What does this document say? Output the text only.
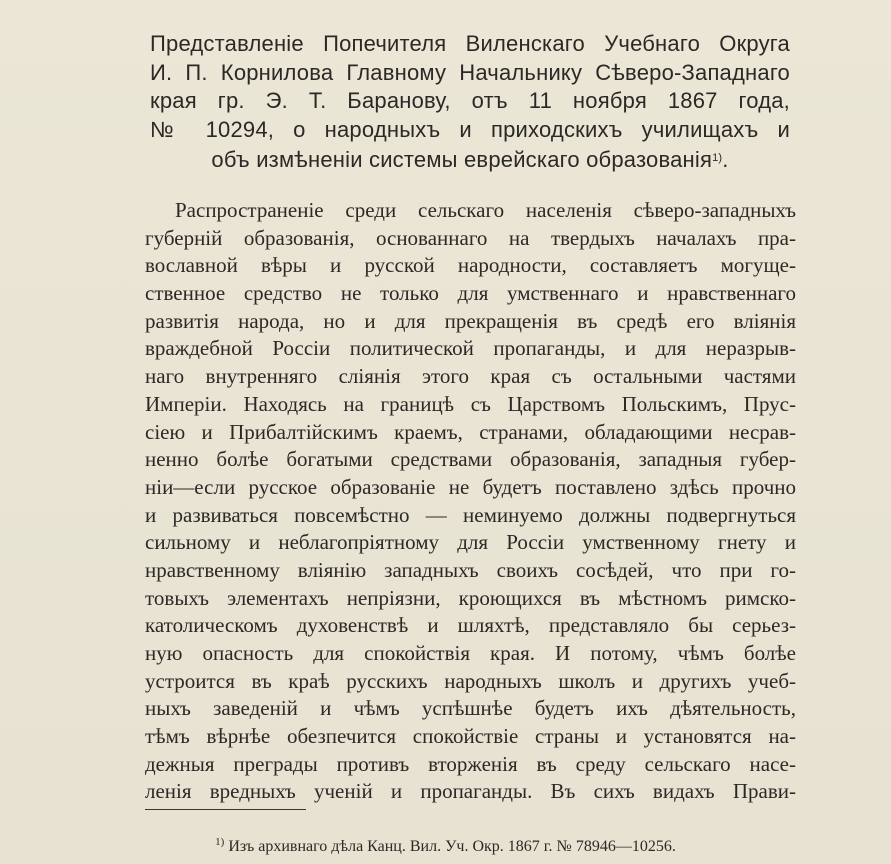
Представленіе Попечителя Виленскаго Учебнаго Округа
И. П. Корнилова Главному Начальнику Сѣверо-Западнаго
края гр. Э. Т. Баранову, отъ 11 ноября 1867 года,
№ 10294, о народныхъ и приходскихъ училищахъ и
объ измѣненіи системы еврейскаго образованія$^{1)}$.
Распространеніе среди сельскаго населенія сѣверо-западныхъ
губерній образованія, основаннаго на твердыхъ началахъ пра-
вославной вѣры и русской народности, составляетъ могуще-
ственное средство не только для умственнаго и нравственнаго
развитія народа, но и для прекращенія въ средѣ его вліянія
враждебной Россіи политической пропаганды, и для неразрыв-
наго внутренняго сліянія этого края съ остальными частями
Имперіи. Находясь на границѣ съ Царствомъ Польскимъ, Прус-
сіею и Прибалтійскимъ краемъ, странами, обладающими несрав-
ненно болѣе богатыми средствами образованія, западныя губер-
ніи—если русское образованіе не будетъ поставлено здѣсь прочно
и развиваться повсемѣстно — неминуемо должны подвергнуться
сильному и неблагопріятному для Россіи умственному гнету и
нравственному вліянію западныхъ своихъ сосѣдей, что при го-
товыхъ элементахъ непріязни, кроющихся въ мѣстномъ римско-
католическомъ духовенствѣ и шляхтѣ, представляло бы серьез-
ную опасность для спокойствія края. И потому, чѣмъ болѣе
устроится въ краѣ русскихъ народныхъ школъ и другихъ учеб-
ныхъ заведеній и чѣмъ успѣшнѣе будетъ ихъ дѣятельность,
тѣмъ вѣрнѣе обезпечится спокойствіе страны и установятся на-
дежныя преграды противъ вторженія въ среду сельскаго насе-
ленія вредныхъ ученій и пропаганды. Въ сихъ видахъ Прави-
$^{1)}$ Изъ архивнаго дѣла Канц. Вил. Уч. Окр. 1867 г. № 78946—10256.
